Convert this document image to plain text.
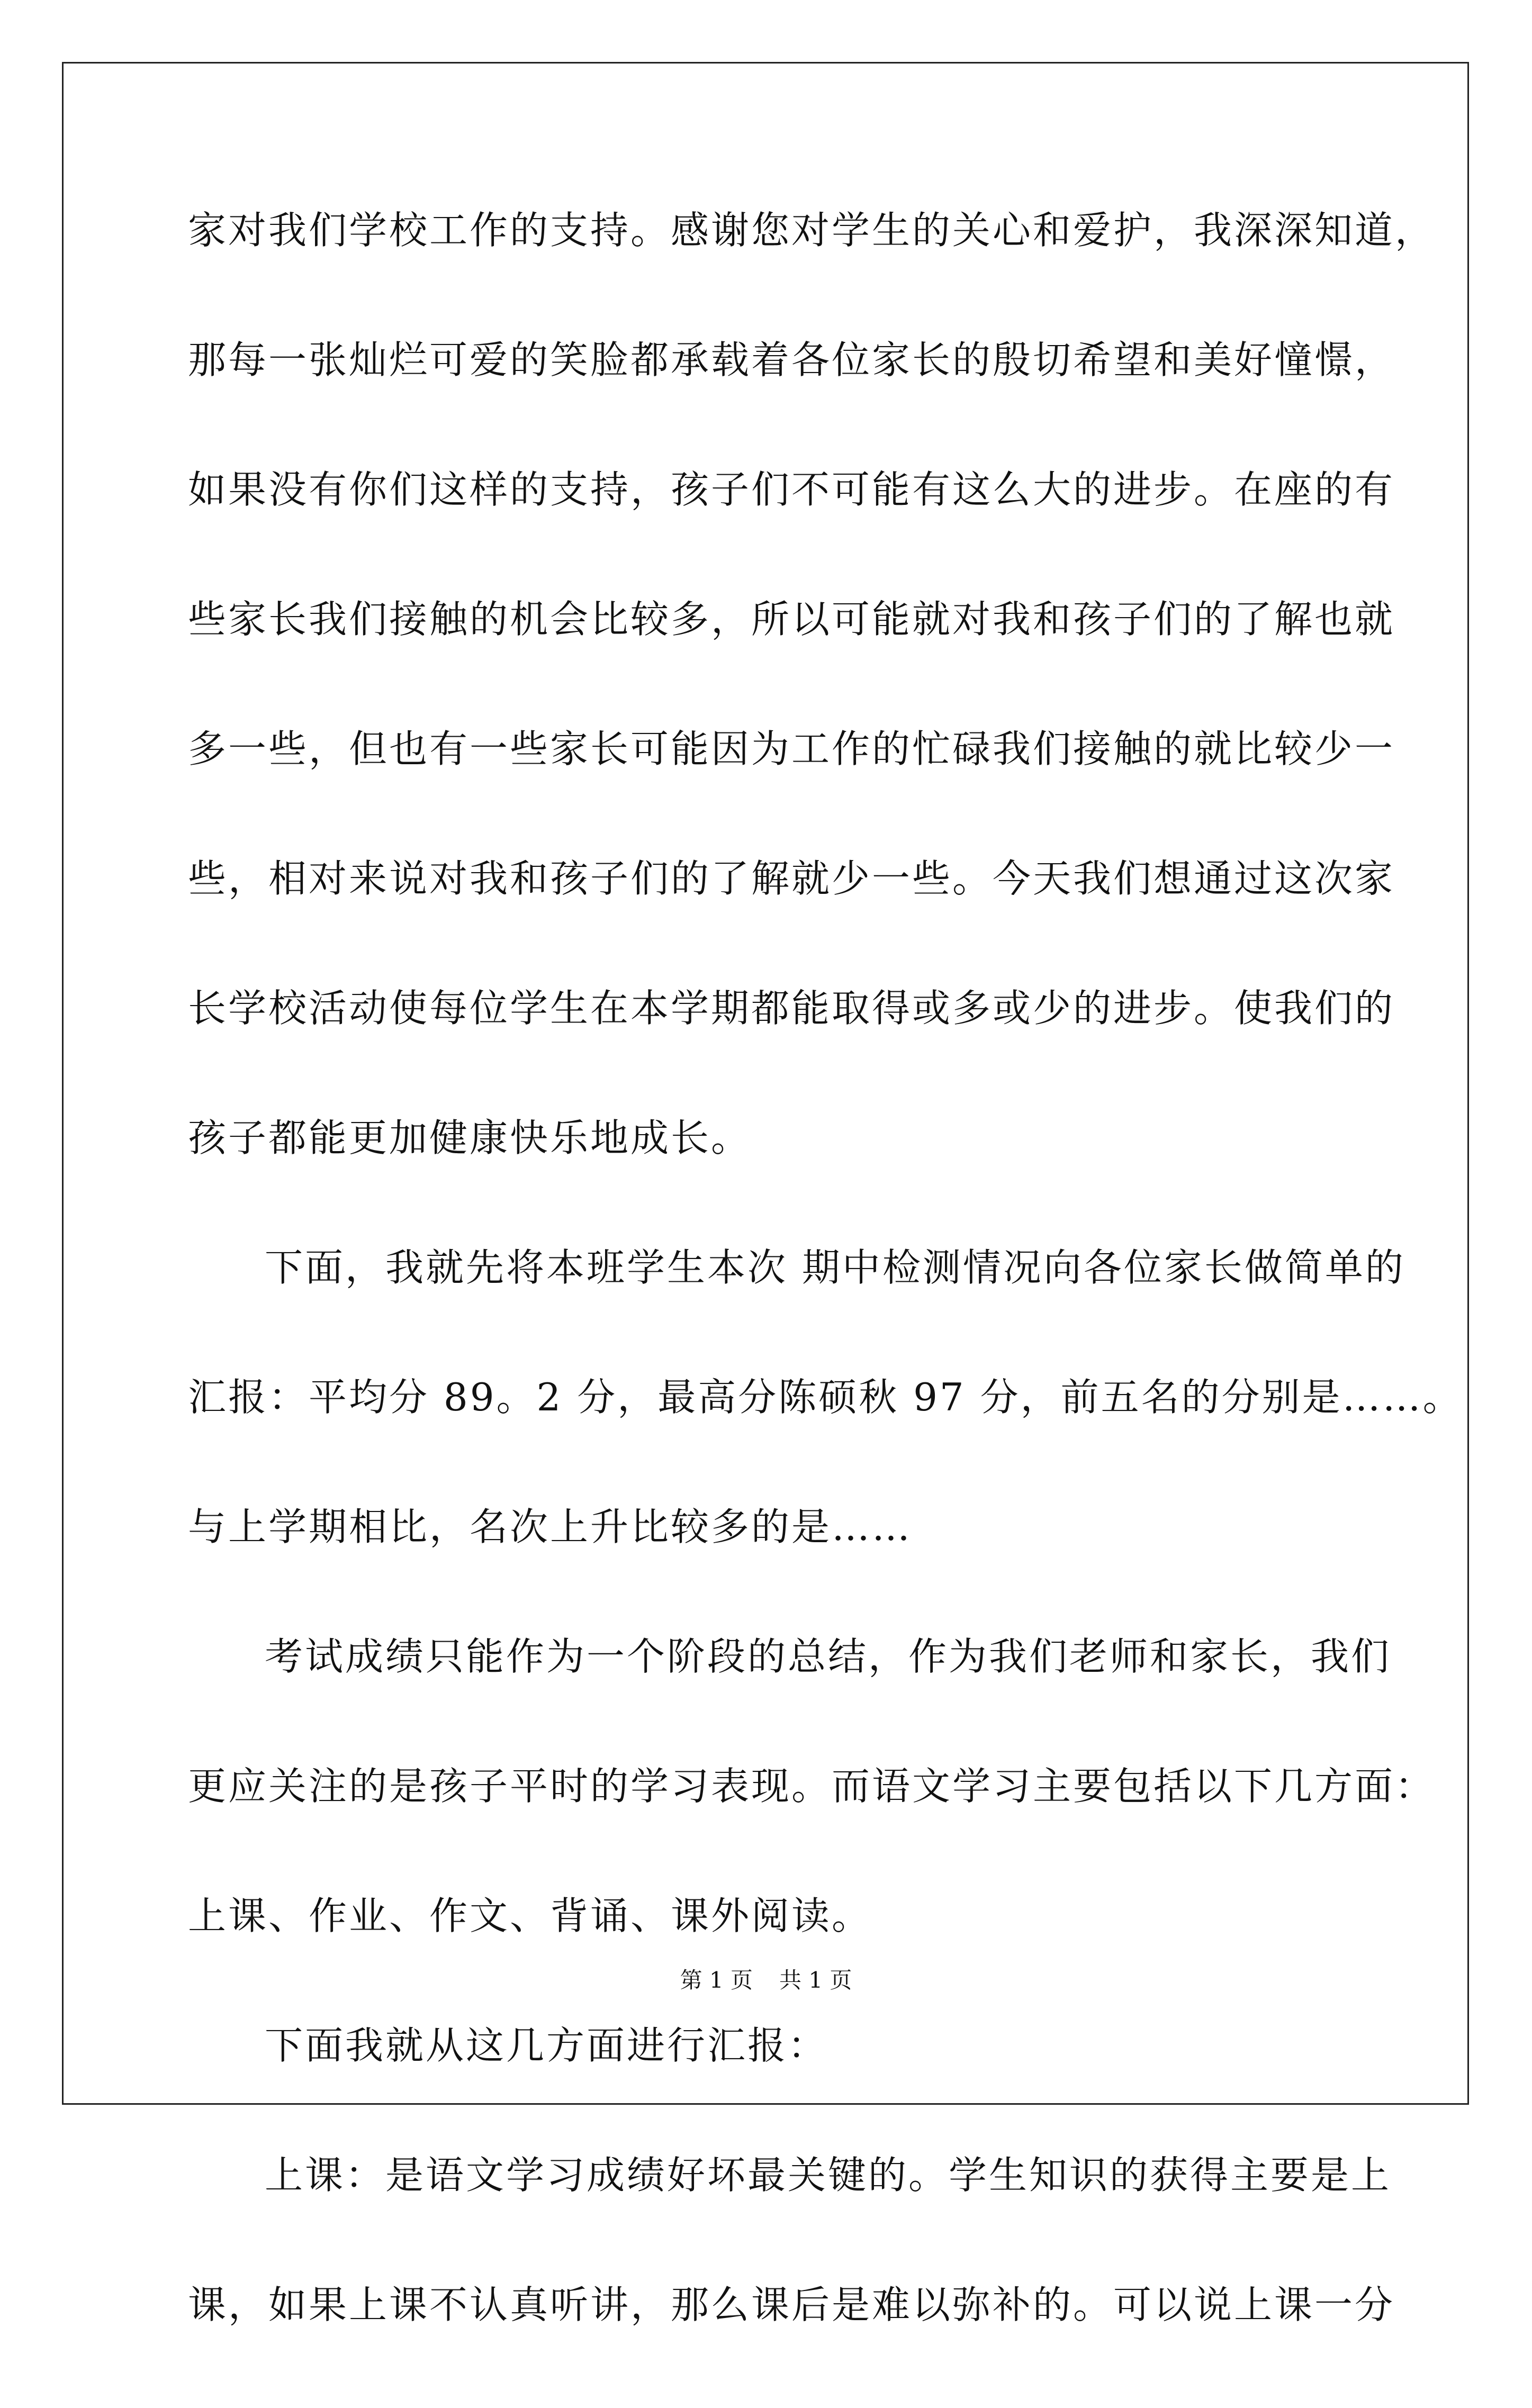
家对我们学校工作的支持。感谢您对学生的关心和爱护，我深深知道，
那每一张灿烂可爱的笑脸都承载着各位家长的殷切希望和美好憧憬，
如果没有你们这样的支持，孩子们不可能有这么大的进步。在座的有
些家长我们接触的机会比较多，所以可能就对我和孩子们的了解也就
多一些，但也有一些家长可能因为工作的忙碌我们接触的就比较少一
些，相对来说对我和孩子们的了解就少一些。今天我们想通过这次家
长学校活动使每位学生在本学期都能取得或多或少的进步。使我们的
孩子都能更加健康快乐地成长。
下面，我就先将本班学生本次 期中检测情况向各位家长做简单的
汇报：平均分 89。2 分，最高分陈硕秋 97 分，前五名的分别是……。
与上学期相比，名次上升比较多的是……
考试成绩只能作为一个阶段的总结，作为我们老师和家长，我们
更应关注的是孩子平时的学习表现。而语文学习主要包括以下几方面：
上课、作业、作文、背诵、课外阅读。
下面我就从这几方面进行汇报：
上课：是语文学习成绩好坏最关键的。学生知识的获得主要是上
课，如果上课不认真听讲，那么课后是难以弥补的。可以说上课一分
第 1 页 共 1 页
